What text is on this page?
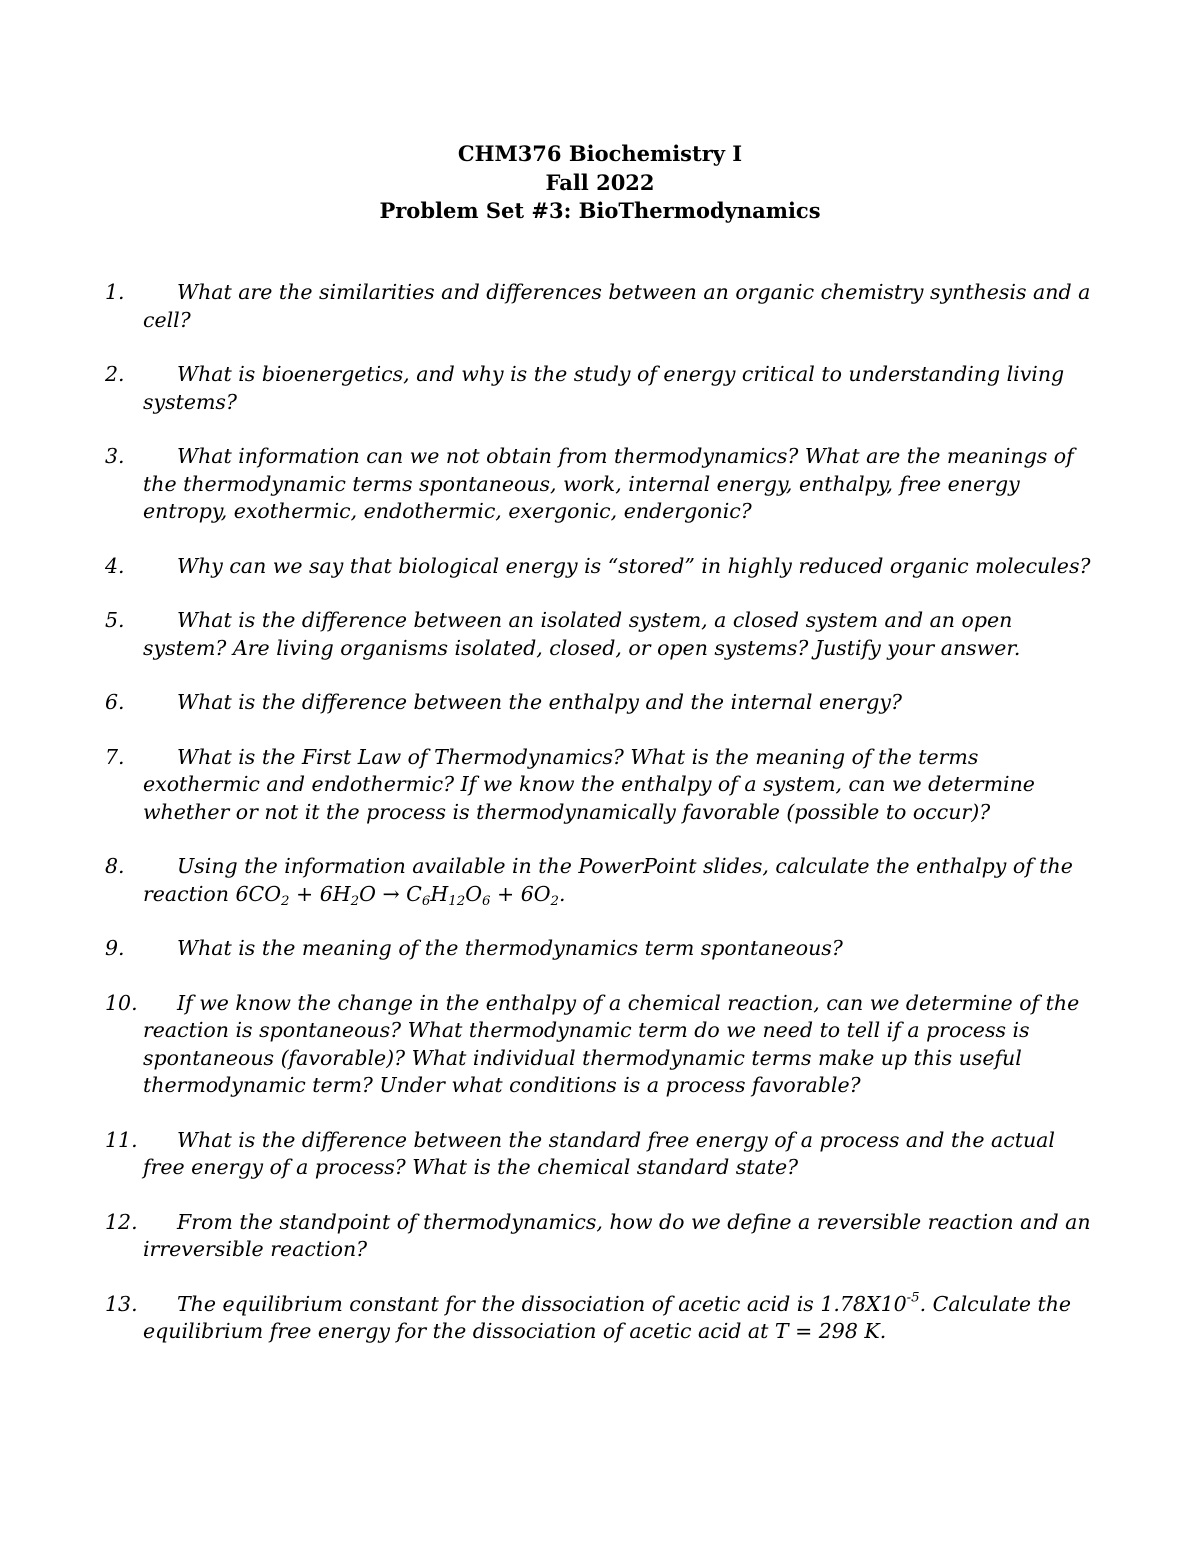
CHM376 Biochemistry I
Fall 2022
Problem Set #3: BioThermodynamics
1.	What are the similarities and differences between an organic chemistry synthesis and a cell?
2.	What is bioenergetics, and why is the study of energy critical to understanding living systems?
3.	What information can we not obtain from thermodynamics? What are the meanings of the thermodynamic terms spontaneous, work, internal energy, enthalpy, free energy entropy, exothermic, endothermic, exergonic, endergonic?
4.	Why can we say that biological energy is “stored” in highly reduced organic molecules?
5.	What is the difference between an isolated system, a closed system and an open system? Are living organisms isolated, closed, or open systems? Justify your answer.
6.	What is the difference between the enthalpy and the internal energy?
7.	What is the First Law of Thermodynamics? What is the meaning of the terms exothermic and endothermic? If we know the enthalpy of a system, can we determine whether or not it the process is thermodynamically favorable (possible to occur)?
8.	Using the information available in the PowerPoint slides, calculate the enthalpy of the reaction $6CO_2 + 6H_2O \to C_6H_{12}O_6 + 6O_2$.
9.	What is the meaning of the thermodynamics term spontaneous?
10.	If we know the change in the enthalpy of a chemical reaction, can we determine of the reaction is spontaneous? What thermodynamic term do we need to tell if a process is spontaneous (favorable)? What individual thermodynamic terms make up this useful thermodynamic term? Under what conditions is a process favorable?
11.	What is the difference between the standard free energy of a process and the actual free energy of a process? What is the chemical standard state?
12.	From the standpoint of thermodynamics, how do we define a reversible reaction and an irreversible reaction?
13.	The equilibrium constant for the dissociation of acetic acid is $1.78X10^{-5}$. Calculate the equilibrium free energy for the dissociation of acetic acid at T = 298 K.
